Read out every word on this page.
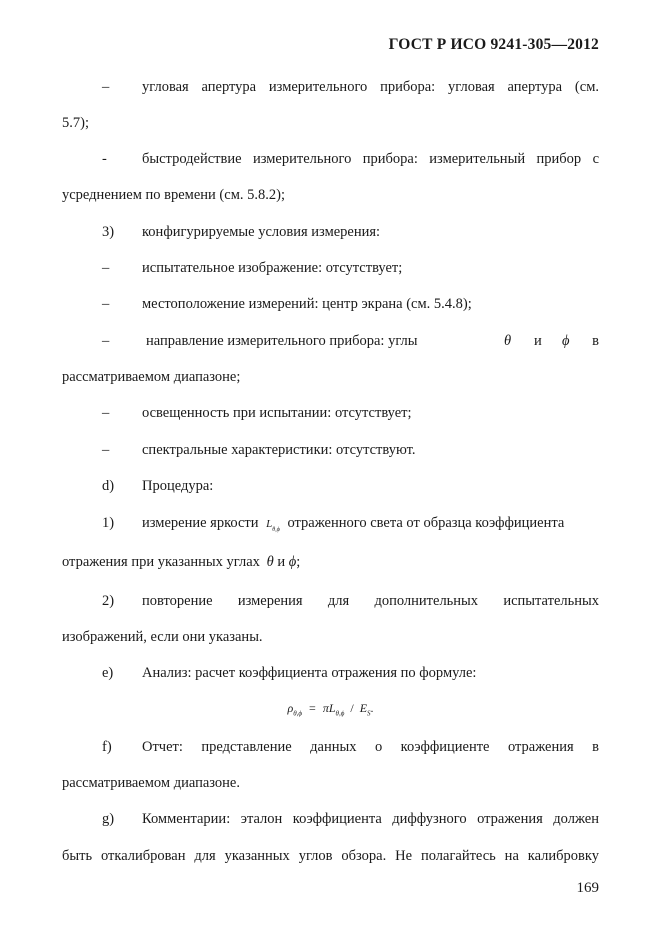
ГОСТ Р ИСО 9241-305—2012
– угловая апертура измерительного прибора: угловая апертура (см.
5.7);
- быстродействие измерительного прибора: измерительный прибор с
усреднением по времени (см. 5.8.2);
3) конфигурируемые условия измерения:
– испытательное изображение: отсутствует;
– местоположение измерений: центр экрана (см. 5.4.8);
–	направление измерительного прибора: углы	θ и ϕ в
рассматриваемом диапазоне;
– освещенность при испытании: отсутствует;
– спектральные характеристики: отсутствуют.
d) Процедура:
1) измерение яркости $L_{\theta,\phi}$ отраженного света от образца коэффициента
отражения при указанных углах θ и ϕ;
2) повторение измерения для дополнительных испытательных
изображений, если они указаны.
e) Анализ: расчет коэффициента отражения по формуле:
$\rho_{\theta,\phi} = \pi L_{\theta,\phi} / E_S$.
f) Отчет: представление данных о коэффициенте отражения в
рассматриваемом диапазоне.
g) Комментарии: эталон коэффициента диффузного отражения должен
быть откалиброван для указанных углов обзора. Не полагайтесь на калибровку
169
